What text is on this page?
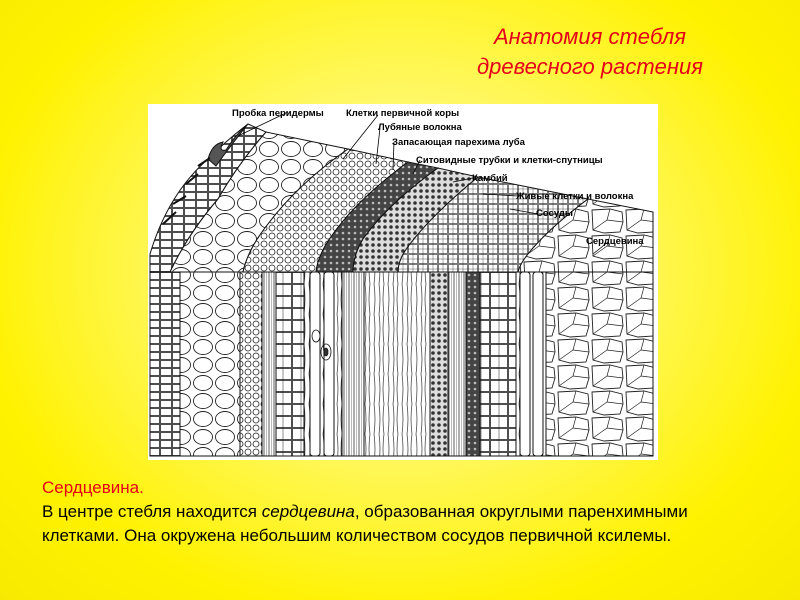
Анатомия стебля
древесного растения
Пробка перидермы Клетки первичной коры
Лубяные волокна
Запасающая парехима луба
Ситовидные трубки и клетки-спутницы
Камбий
Живые клетки и волокна
Сосуды
Сердцевина
Сердцевина.
В центре стебля находится сердцевина, образованная округлыми паренхимными клетками. Она окружена небольшим количеством сосудов первичной ксилемы.
